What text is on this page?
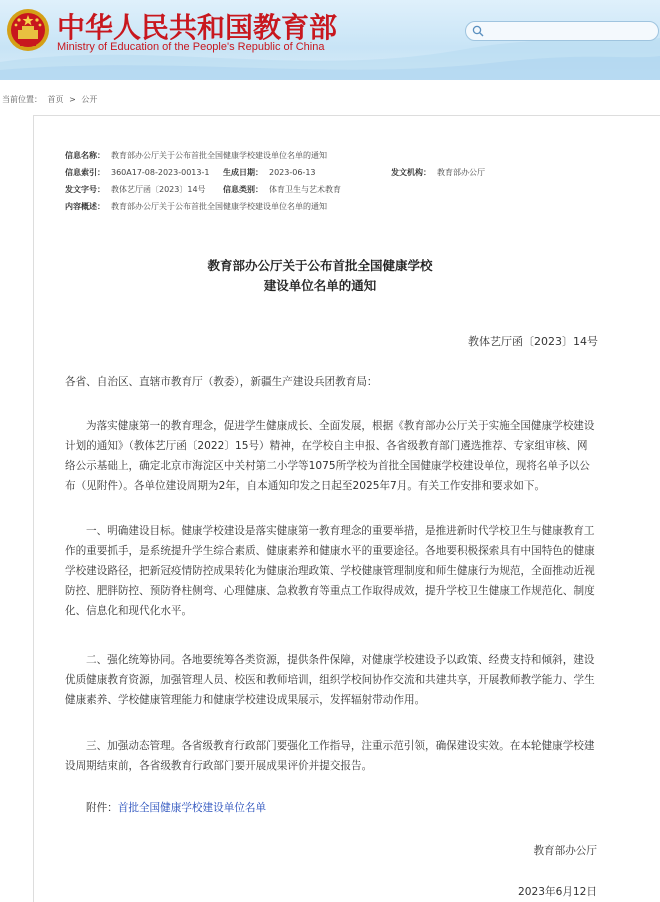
中华人民共和国教育部
Ministry of Education of the People's Republic of China
当前位置： 首页 > 公开
信息名称： 教育部办公厅关于公布首批全国健康学校建设单位名单的通知
信息索引： 360A17-08-2023-0013-1 生成日期： 2023-06-13	发文机构： 教育部办公厅
发文字号： 教体艺厅函〔2023〕14号 信息类别： 体育卫生与艺术教育
内容概述： 教育部办公厅关于公布首批全国健康学校建设单位名单的通知
教育部办公厅关于公布首批全国健康学校
建设单位名单的通知
教体艺厅函〔2023〕14号
各省、自治区、直辖市教育厅（教委），新疆生产建设兵团教育局：
为落实健康第一的教育理念，促进学生健康成长、全面发展，根据《教育部办公厅关于实施全国健康学校建设计划的通知》（教体艺厅函〔2022〕15号）精神，在学校自主申报、各省级教育部门遴选推荐、专家组审核、网络公示基础上，确定北京市海淀区中关村第二小学等1075所学校为首批全国健康学校建设单位，现将名单予以公布（见附件）。各单位建设周期为2年，自本通知印发之日起至2025年7月。有关工作安排和要求如下。
一、明确建设目标。健康学校建设是落实健康第一教育理念的重要举措，是推进新时代学校卫生与健康教育工作的重要抓手，是系统提升学生综合素质、健康素养和健康水平的重要途径。各地要积极探索具有中国特色的健康学校建设路径，把新冠疫情防控成果转化为健康治理政策、学校健康管理制度和师生健康行为规范，全面推动近视防控、肥胖防控、预防脊柱侧弯、心理健康、急救教育等重点工作取得成效，提升学校卫生健康工作规范化、制度化、信息化和现代化水平。
二、强化统筹协同。各地要统筹各类资源，提供条件保障，对健康学校建设予以政策、经费支持和倾斜，建设优质健康教育资源，加强管理人员、校医和教师培训，组织学校间协作交流和共建共享，开展教师教学能力、学生健康素养、学校健康管理能力和健康学校建设成果展示，发挥辐射带动作用。
三、加强动态管理。各省级教育行政部门要强化工作指导，注重示范引领，确保建设实效。在本轮健康学校建设周期结束前，各省级教育行政部门要开展成果评价并提交报告。
附件：首批全国健康学校建设单位名单
教育部办公厅
2023年6月12日
